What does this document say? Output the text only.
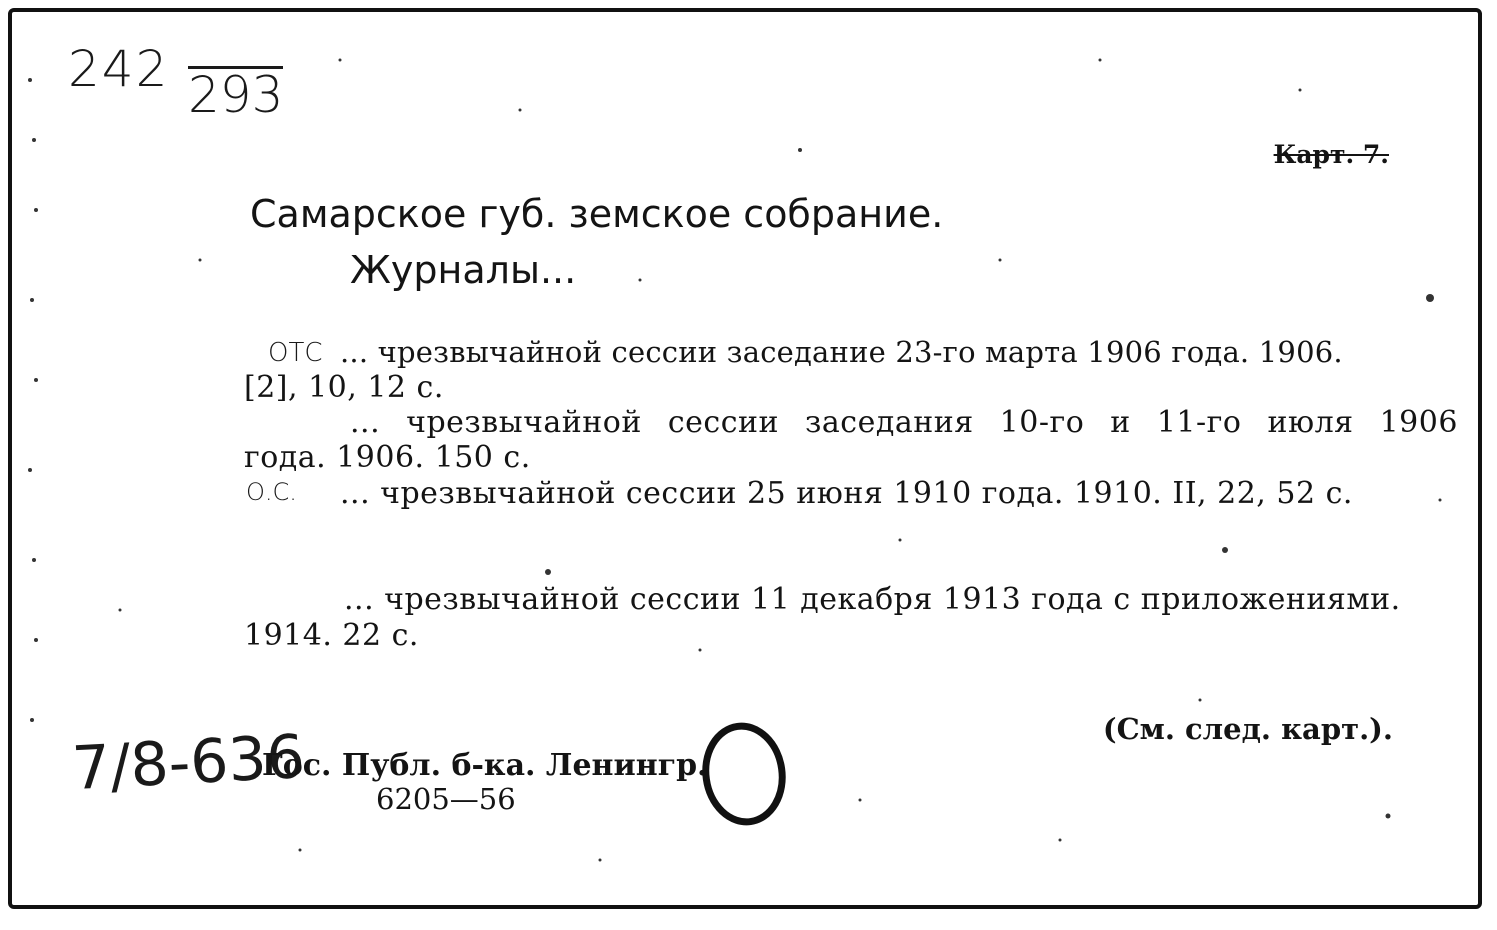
242 293
Карт. 7.
Самарское губ. земское собрание.
Журналы...
ОТС ... чрезвычайной сессии заседание 23-го марта 1906 года. 1906.
[2], 10, 12 с.
... чрезвычайной сессии заседания 10-го и 11-го июля 1906
года. 1906. 150 с.
О.С. ... чрезвычайной сессии 25 июня 1910 года. 1910. II, 22, 52 с.
... чрезвычайной сессии 11 декабря 1913 года с приложениями.
1914. 22 с.
7/8-636
Гос. Публ. б-ка. Ленингр.
6205—56
(См. след. карт.).
